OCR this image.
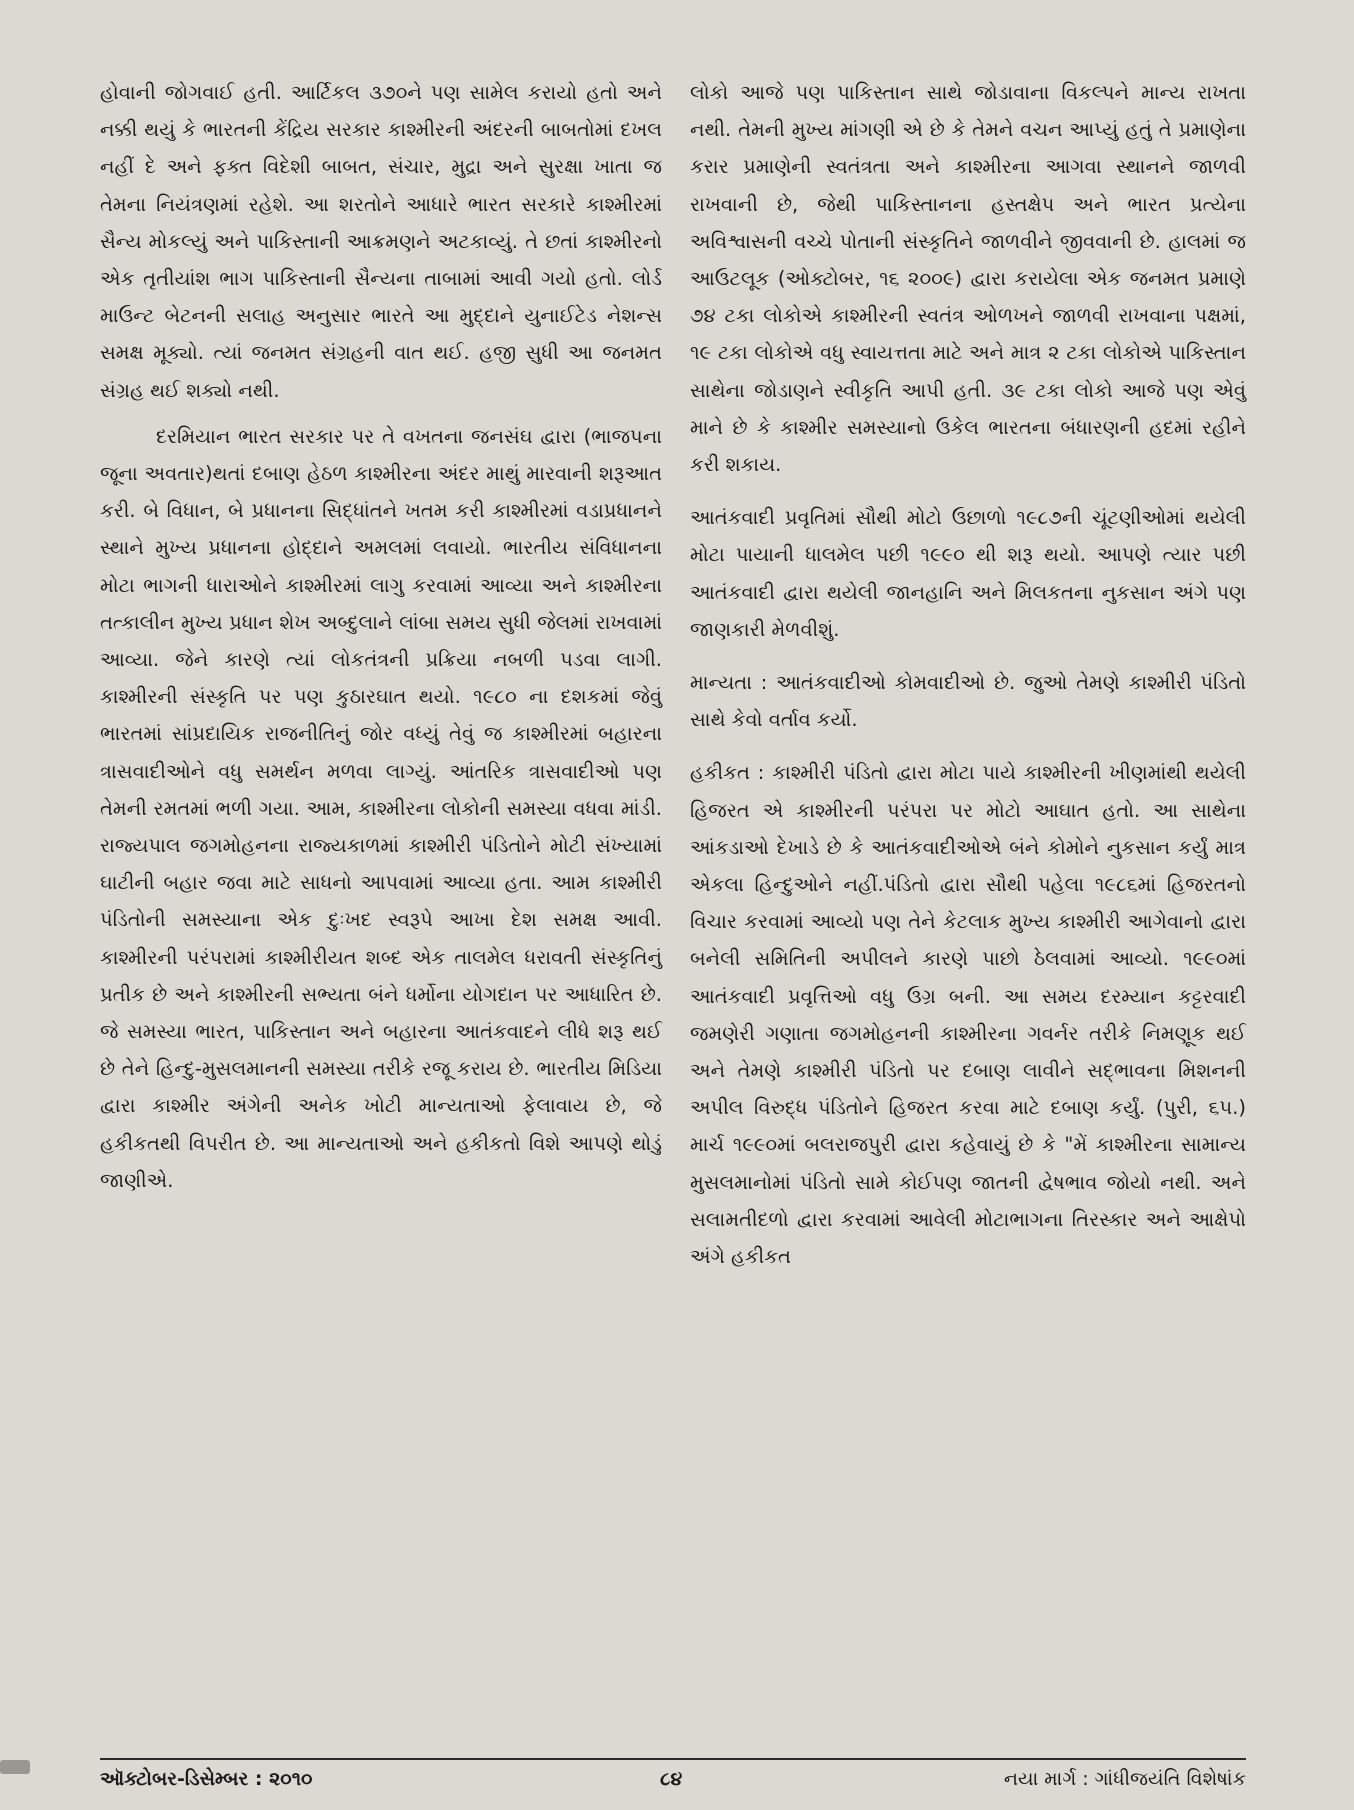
હોવાની જોગવાઈ હતી. આર્ટિકલ ૩૭૦ને પણ સામેલ કરાયો હતો અને નક્કી થયું કે ભારતની કેંદ્રિય સરકાર કાશ્મીરની અંદરની બાબતોમાં દખલ નહીં દે અને ફક્ત વિદેશી બાબત, સંચાર, મુદ્રા અને સુરક્ષા ખાતા જ તેમના નિયંત્રણમાં રહેશે. આ શરતોને આધારે ભારત સરકારે કાશ્મીરમાં સૈન્ય મોકલ્યું અને પાકિસ્તાની આક્રમણને અટકાવ્યું. તે છતાં કાશ્મીરનો એક તૃતીયાંશ ભાગ પાકિસ્તાની સૈન્યના તાબામાં આવી ગયો હતો. લોર્ડ માઉન્ટ બેટનની સલાહ અનુસાર ભારતે આ મુદ્દાને યુનાઈટેડ નેશન્સ સમક્ષ મૂક્યો. ત્યાં જનમત સંગ્રહની વાત થઈ. હજી સુધી આ જનમત સંગ્રહ થઈ શક્યો નથી.

દરમિયાન ભારત સરકાર પર તે વખતના જનસંઘ દ્વારા (ભાજપના જૂના અવતાર)થતાં દબાણ હેઠળ કાશ્મીરના અંદર માથું મારવાની શરૂઆત કરી. બે વિધાન, બે પ્રધાનના સિદ્ધાંતને ખતમ કરી કાશ્મીરમાં વડાપ્રધાનને સ્થાને મુખ્ય પ્રધાનના હોદ્દાને અમલમાં લવાયો. ભારતીય સંવિધાનના મોટા ભાગની ધારાઓને કાશ્મીરમાં લાગુ કરવામાં આવ્યા અને કાશ્મીરના તત્કાલીન મુખ્ય પ્રધાન શેખ અબ્દુલાને લાંબા સમય સુધી જેલમાં રાખવામાં આવ્યા. જેને કારણે ત્યાં લોકતંત્રની પ્રક્રિયા નબળી પડવા લાગી. કાશ્મીરની સંસ્કૃતિ પર પણ કુઠારઘાત થયો. ૧૯૮૦ ના દશકમાં જેવું ભારતમાં સાંપ્રદાયિક રાજનીતિનું જોર વધ્યું તેવું જ કાશ્મીરમાં બહારના ત્રાસવાદીઓને વધુ સમર્થન મળવા લાગ્યું. આંતરિક ત્રાસવાદીઓ પણ તેમની રમતમાં ભળી ગયા. આમ, કાશ્મીરના લોકોની સમસ્યા વધવા માંડી. રાજ્યપાલ જગમોહનના રાજ્યકાળમાં કાશ્મીરી પંડિતોને મોટી સંખ્યામાં ઘાટીની બહાર જવા માટે સાધનો આપવામાં આવ્યા હતા. આમ કાશ્મીરી પંડિતોની સમસ્યાના એક દુઃખદ સ્વરૂપે આખા દેશ સમક્ષ આવી. કાશ્મીરની પરંપરામાં કાશ્મીરીયત શબ્દ એક તાલમેલ ધરાવતી સંસ્કૃતિનું પ્રતીક છે અને કાશ્મીરની સભ્યતા બંને ધર્મોના યોગદાન પર આધારિત છે. જે સમસ્યા ભારત, પાકિસ્તાન અને બહારના આતંકવાદને લીધે શરૂ થઈ છે તેને હિન્દુ-મુસલમાનની સમસ્યા તરીકે રજૂ કરાય છે. ભારતીય મિડિયા દ્વારા કાશ્મીર અંગેની અનેક ખોટી માન્યતાઓ ફેલાવાય છે, જે હકીકતથી વિપરીત છે. આ માન્યતાઓ અને હકીકતો વિશે આપણે થોડું જાણીએ.

લોકો આજે પણ પાકિસ્તાન સાથે જોડાવાના વિકલ્પને માન્ય રાખતા નથી. તેમની મુખ્ય માંગણી એ છે કે તેમને વચન આપ્યું હતું તે પ્રમાણેના કરાર પ્રમાણેની સ્વતંત્રતા અને કાશ્મીરના આગવા સ્થાનને જાળવી રાખવાની છે, જેથી પાકિસ્તાનના હસ્તક્ષેપ અને ભારત પ્રત્યેના અવિશ્વાસની વચ્ચે પોતાની સંસ્કૃતિને જાળવીને જીવવાની છે. હાલમાં જ આઉટલૂક (ઓક્ટોબર, ૧૬ ૨૦૦૯) દ્વારા કરાયેલા એક જનમત પ્રમાણે ૭૪ ટકા લોકોએ કાશ્મીરની સ્વતંત્ર ઓળખને જાળવી રાખવાના પક્ષમાં, ૧૯ ટકા લોકોએ વધુ સ્વાયત્તતા માટે અને માત્ર ૨ ટકા લોકોએ પાકિસ્તાન સાથેના જોડાણને સ્વીકૃતિ આપી હતી. ૩૯ ટકા લોકો આજે પણ એવું માને છે કે કાશ્મીર સમસ્યાનો ઉકેલ ભારતના બંધારણની હદમાં રહીને કરી શકાય.

આતંકવાદી પ્રવૃતિમાં સૌથી મોટો ઉછાળો ૧૯૮૭ની ચૂંટણીઓમાં થયેલી મોટા પાયાની ધાલમેલ પછી ૧૯૯૦ થી શરૂ થયો. આપણે ત્યાર પછી આતંકવાદી દ્વારા થયેલી જાનહાનિ અને મિલકતના નુકસાન અંગે પણ જાણકારી મેળવીશું.

માન્યતા : આતંકવાદીઓ કોમવાદીઓ છે. જુઓ તેમણે કાશ્મીરી પંડિતો સાથે કેવો વર્તાવ કર્યો.

હકીકત : કાશ્મીરી પંડિતો દ્વારા મોટા પાયે કાશ્મીરની ખીણમાંથી થયેલી હિજરત એ કાશ્મીરની પરંપરા પર મોટો આઘાત હતો. આ સાથેના આંકડાઓ દેખાડે છે કે આતંકવાદીઓએ બંને કોમોને નુકસાન કર્યું માત્ર એકલા હિન્દુઓને નહીં.પંડિતો દ્વારા સૌથી પહેલા ૧૯૮૬માં હિજરતનો વિચાર કરવામાં આવ્યો પણ તેને કેટલાક મુખ્ય કાશ્મીરી આગેવાનો દ્વારા બનેલી સમિતિની અપીલને કારણે પાછો ઠેલવામાં આવ્યો. ૧૯૯૦માં આતંકવાદી પ્રવૃત્તિઓ વધુ ઉગ્ર બની. આ સમય દરમ્યાન કટ્ટરવાદી જમણેરી ગણાતા જગમોહનની કાશ્મીરના ગવર્નર તરીકે નિમણૂક થઈ અને તેમણે કાશ્મીરી પંડિતો પર દબાણ લાવીને સદ્ભાવના મિશનની અપીલ વિરુદ્ધ પંડિતોને હિજરત કરવા માટે દબાણ કર્યું. (પુરી, ૬૫.) માર્ચ ૧૯૯૦માં બલરાજપુરી દ્વારા કહેવાયું છે કે "મેં કાશ્મીરના સામાન્ય મુસલમાનોમાં પંડિતો સામે કોઈપણ જાતની દ્વેષભાવ જોયો નથી. અને સલામતીદળો દ્વારા કરવામાં આવેલી મોટાભાગના તિરસ્કાર અને આક્ષેપો અંગે હકીકત

ઑક્ટોબર-ડિસેમ્બર : ૨૦૧૦	૮૪	નયા માર્ગ : ગાંધીજયંતિ વિશેષાંક
